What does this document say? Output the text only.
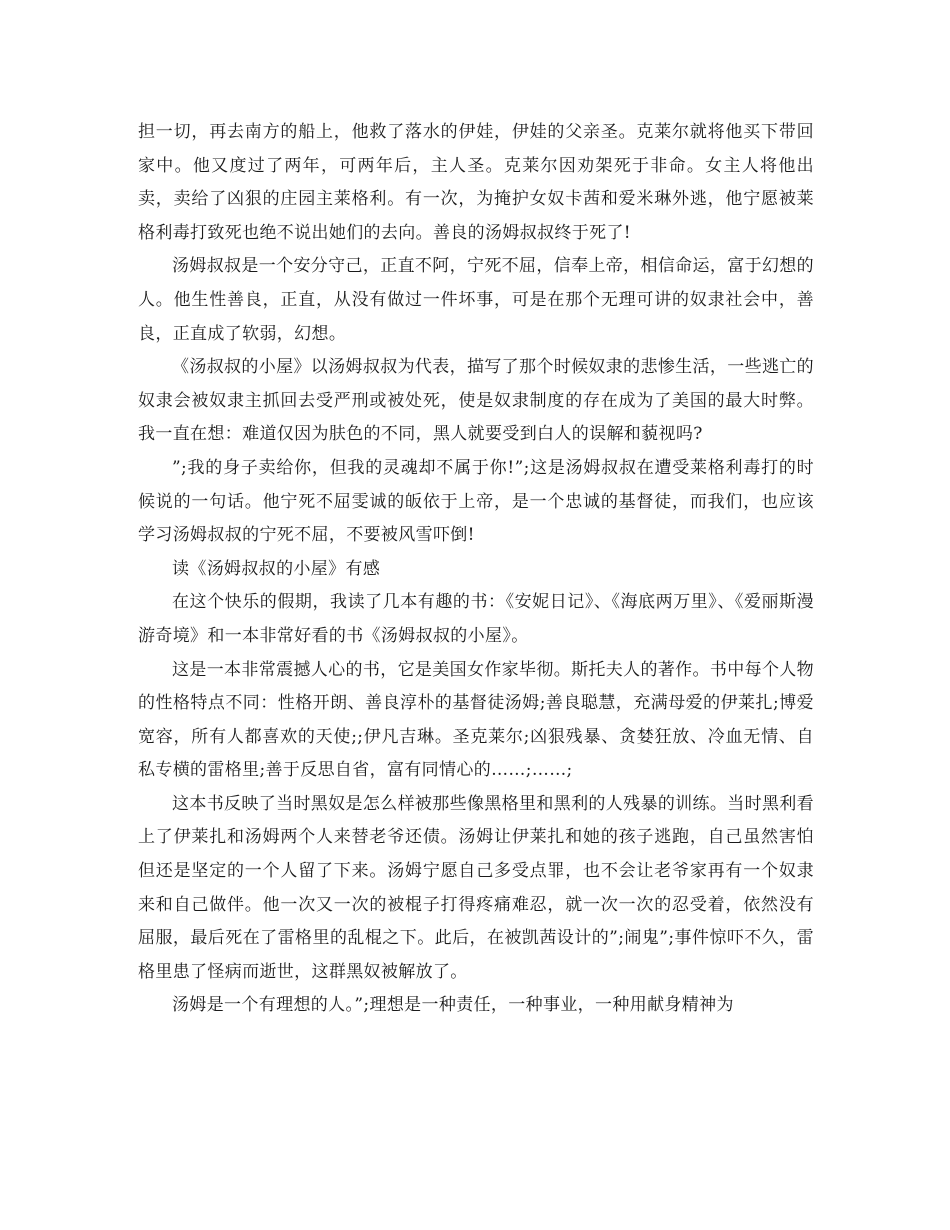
担一切，再去南方的船上，他救了落水的伊娃，伊娃的父亲圣。克莱尔就将他买下带回家中。他又度过了两年，可两年后，主人圣。克莱尔因劝架死于非命。女主人将他出卖，卖给了凶狠的庄园主莱格利。有一次，为掩护女奴卡茜和爱米琳外逃，他宁愿被莱格利毒打致死也绝不说出她们的去向。善良的汤姆叔叔终于死了!

汤姆叔叔是一个安分守己，正直不阿，宁死不屈，信奉上帝，相信命运，富于幻想的人。他生性善良，正直，从没有做过一件坏事，可是在那个无理可讲的奴隶社会中，善良，正直成了软弱，幻想。

《汤叔叔的小屋》以汤姆叔叔为代表，描写了那个时候奴隶的悲惨生活，一些逃亡的奴隶会被奴隶主抓回去受严刑或被处死，使是奴隶制度的存在成为了美国的最大时弊。我一直在想：难道仅因为肤色的不同，黑人就要受到白人的误解和藐视吗?

”;我的身子卖给你，但我的灵魂却不属于你!”;这是汤姆叔叔在遭受莱格利毒打的时候说的一句话。他宁死不屈雯诚的皈依于上帝，是一个忠诚的基督徒，而我们，也应该学习汤姆叔叔的宁死不屈，不要被风雪吓倒!

读《汤姆叔叔的小屋》有感

在这个快乐的假期，我读了几本有趣的书：《安妮日记》、《海底两万里》、《爱丽斯漫游奇境》和一本非常好看的书《汤姆叔叔的小屋》。

这是一本非常震撼人心的书，它是美国女作家毕彻。斯托夫人的著作。书中每个人物的性格特点不同：性格开朗、善良淳朴的基督徒汤姆;善良聪慧，充满母爱的伊莱扎;博爱宽容，所有人都喜欢的天使;;伊凡吉琳。圣克莱尔;凶狠残暴、贪婪狂放、冷血无情、自私专横的雷格里;善于反思自省，富有同情心的……;……;

这本书反映了当时黑奴是怎么样被那些像黑格里和黑利的人残暴的训练。当时黑利看上了伊莱扎和汤姆两个人来替老爷还债。汤姆让伊莱扎和她的孩子逃跑，自己虽然害怕但还是坚定的一个人留了下来。汤姆宁愿自己多受点罪，也不会让老爷家再有一个奴隶来和自己做伴。他一次又一次的被棍子打得疼痛难忍，就一次一次的忍受着，依然没有屈服，最后死在了雷格里的乱棍之下。此后，在被凯茜设计的”;闹鬼”;事件惊吓不久，雷格里患了怪病而逝世，这群黑奴被解放了。

汤姆是一个有理想的人。”;理想是一种责任，一种事业，一种用献身精神为
